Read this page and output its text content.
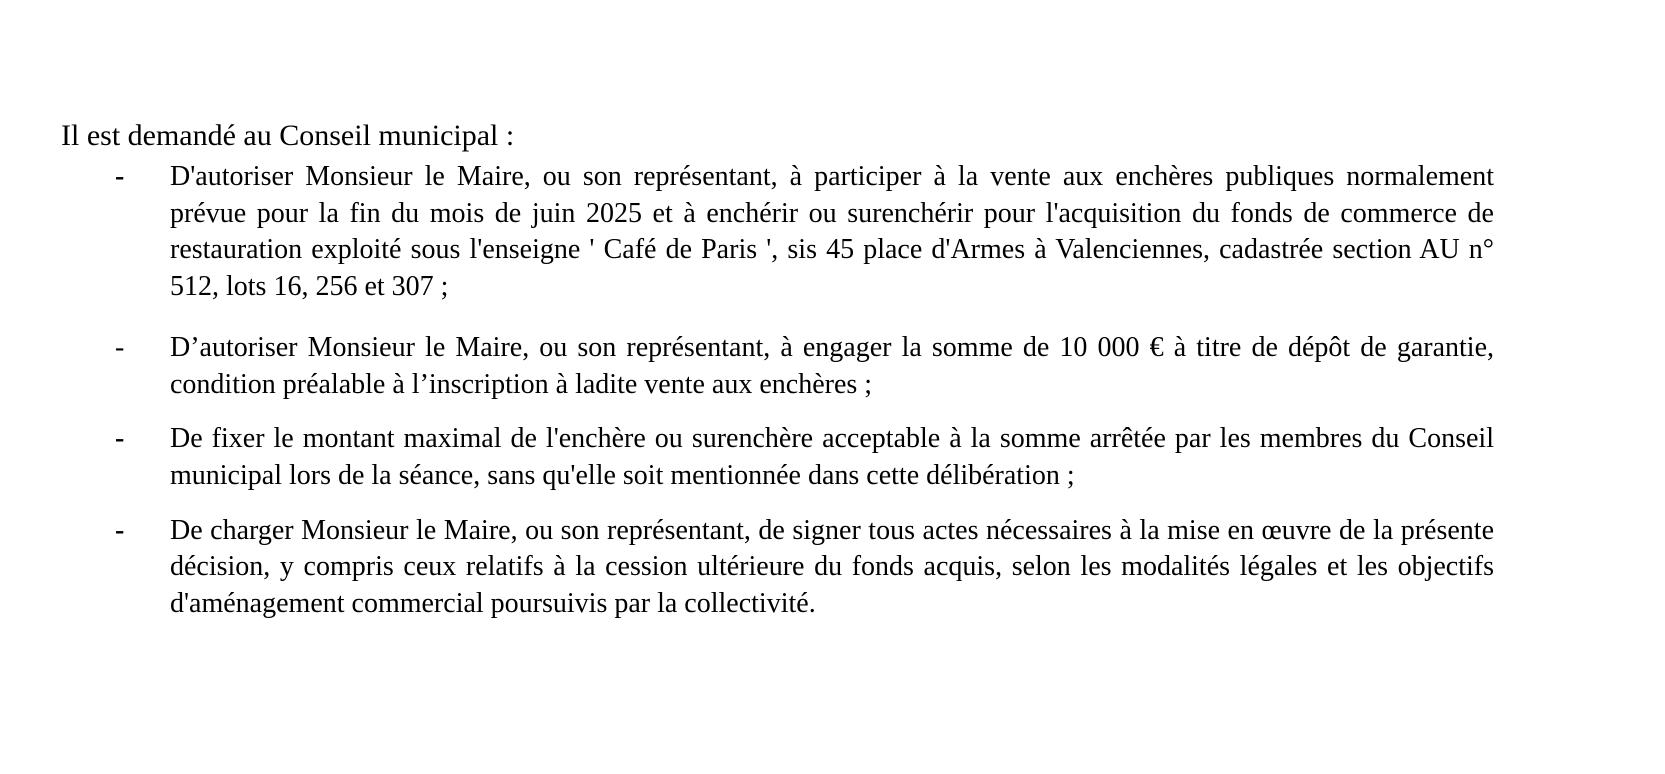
Il est demandé au Conseil municipal :

- D'autoriser Monsieur le Maire, ou son représentant, à participer à la vente aux enchères publiques normalement prévue pour la fin du mois de juin 2025 et à enchérir ou surenchérir pour l'acquisition du fonds de commerce de restauration exploité sous l'enseigne ' Café de Paris ', sis 45 place d'Armes à Valenciennes, cadastrée section AU n° 512, lots 16, 256 et 307 ;
- D’autoriser Monsieur le Maire, ou son représentant, à engager la somme de 10 000 € à titre de dépôt de garantie, condition préalable à l’inscription à ladite vente aux enchères ;
- De fixer le montant maximal de l'enchère ou surenchère acceptable à la somme arrêtée par les membres du Conseil municipal lors de la séance, sans qu'elle soit mentionnée dans cette délibération ;
- De charger Monsieur le Maire, ou son représentant, de signer tous actes nécessaires à la mise en œuvre de la présente décision, y compris ceux relatifs à la cession ultérieure du fonds acquis, selon les modalités légales et les objectifs d'aménagement commercial poursuivis par la collectivité.
